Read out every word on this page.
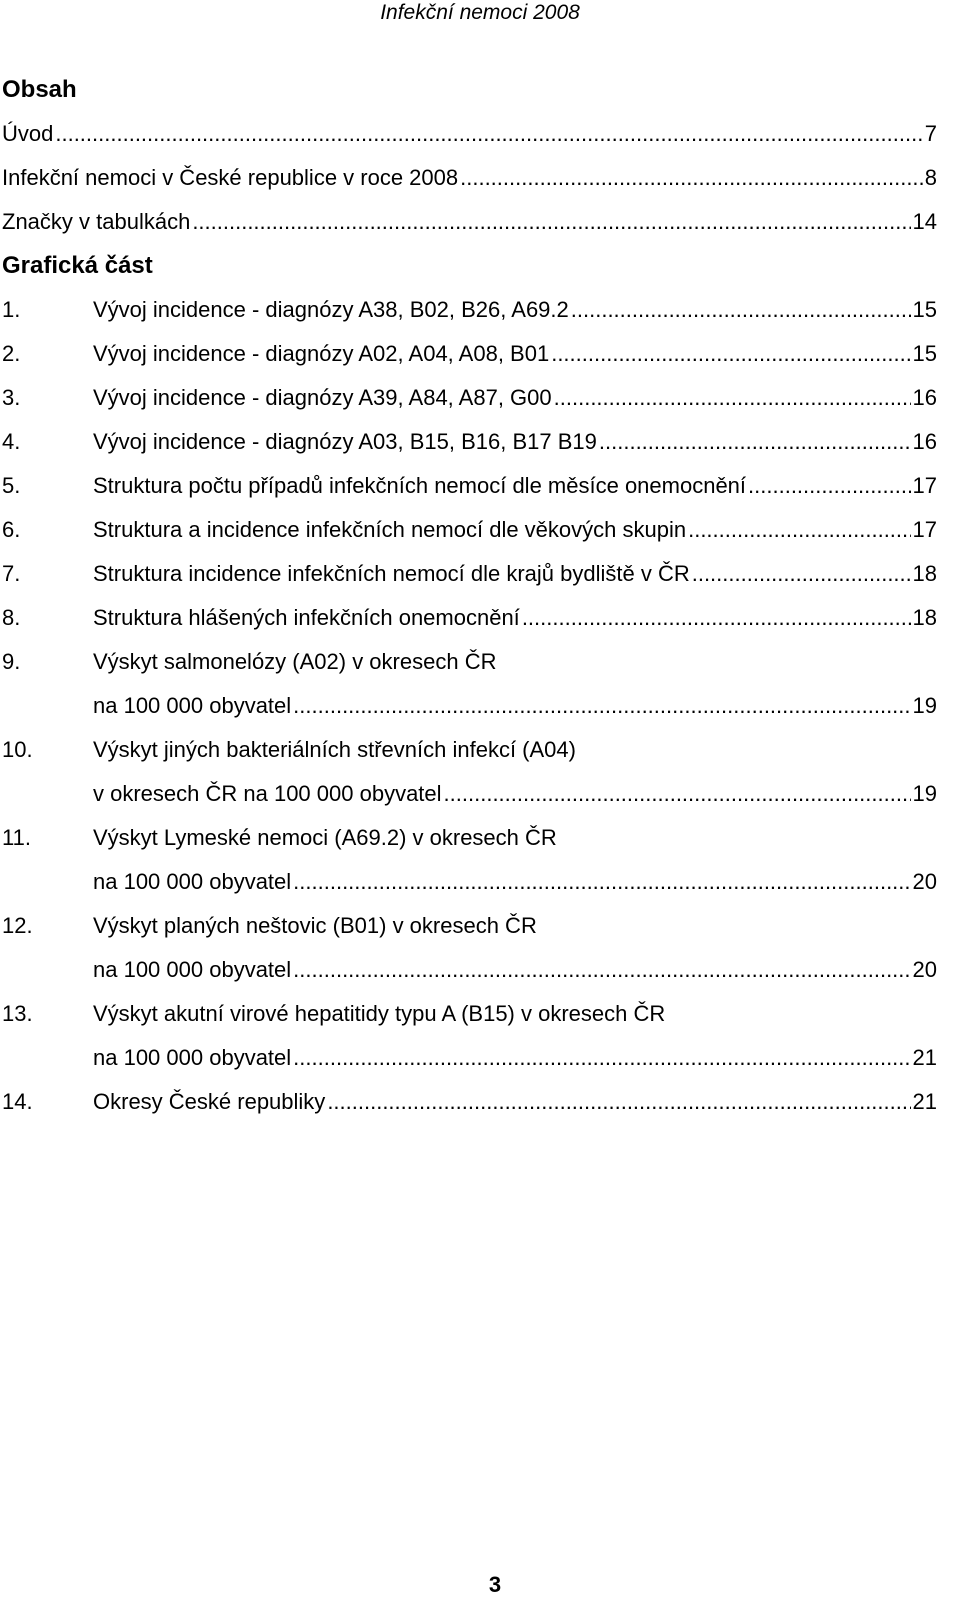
Infekční nemoci 2008
Obsah
Úvod .....	7
Infekční nemoci v České republice v roce 2008 .....	8
Značky v tabulkách .....	14
Grafická část
1.	Vývoj incidence - diagnózy A38, B02, B26, A69.2 .....	15
2.	Vývoj incidence - diagnózy A02, A04, A08, B01 .....	15
3.	Vývoj incidence - diagnózy A39, A84, A87, G00 .....	16
4.	Vývoj incidence - diagnózy A03, B15, B16, B17 B19 .....	16
5.	Struktura počtu případů infekčních nemocí dle měsíce onemocnění .....	17
6.	Struktura a incidence infekčních nemocí dle věkových skupin .....	17
7.	Struktura incidence infekčních nemocí dle krajů bydliště v ČR .....	18
8.	Struktura hlášených infekčních onemocnění .....	18
9.	Výskyt salmonelózy (A02) v okresech ČR
na 100 000 obyvatel .....	19
10.	Výskyt jiných bakteriálních střevních infekcí (A04)
v okresech ČR na 100 000 obyvatel .....	19
11.	Výskyt Lymeské nemoci (A69.2) v okresech ČR
na 100 000 obyvatel .....	20
12.	Výskyt planých neštovic (B01) v okresech ČR
na 100 000 obyvatel .....	20
13.	Výskyt akutní virové hepatitidy typu A (B15) v okresech ČR
na 100 000 obyvatel .....	21
14.	Okresy České republiky .....	21
3
